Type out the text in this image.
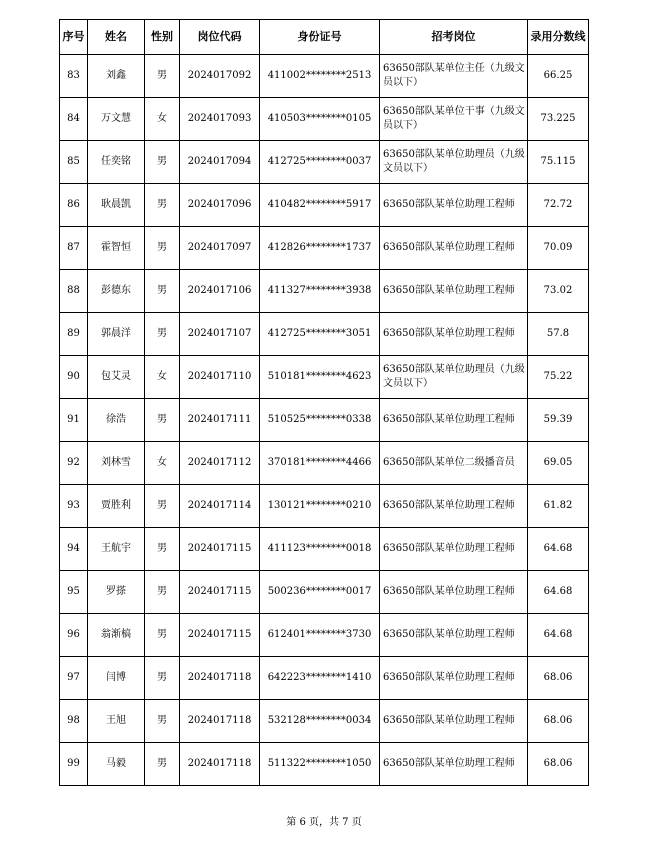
序号	姓名	性别	岗位代码	身份证号	招考岗位	录用分数线
83	刘鑫	男	2024017092	411002********2513	63650部队某单位主任（九级文员以下）	66.25
84	万文慧	女	2024017093	410503********0105	63650部队某单位干事（九级文员以下）	73.225
85	任奕铭	男	2024017094	412725********0037	63650部队某单位助理员（九级文员以下）	75.115
86	耿晨凯	男	2024017096	410482********5917	63650部队某单位助理工程师	72.72
87	霍智恒	男	2024017097	412826********1737	63650部队某单位助理工程师	70.09
88	彭德东	男	2024017106	411327********3938	63650部队某单位助理工程师	73.02
89	郭晨洋	男	2024017107	412725********3051	63650部队某单位助理工程师	57.8
90	包艾灵	女	2024017110	510181********4623	63650部队某单位助理员（九级文员以下）	75.22
91	徐浩	男	2024017111	510525********0338	63650部队某单位助理工程师	59.39
92	刘林雪	女	2024017112	370181********4466	63650部队某单位二级播音员	69.05
93	贾胜利	男	2024017114	130121********0210	63650部队某单位助理工程师	61.82
94	王航宇	男	2024017115	411123********0018	63650部队某单位助理工程师	64.68
95	罗搽	男	2024017115	500236********0017	63650部队某单位助理工程师	64.68
96	翁渐槁	男	2024017115	612401********3730	63650部队某单位助理工程师	64.68
97	闫博	男	2024017118	642223********1410	63650部队某单位助理工程师	68.06
98	王旭	男	2024017118	532128********0034	63650部队某单位助理工程师	68.06
99	马毅	男	2024017118	511322********1050	63650部队某单位助理工程师	68.06
第 6 页，共 7 页
